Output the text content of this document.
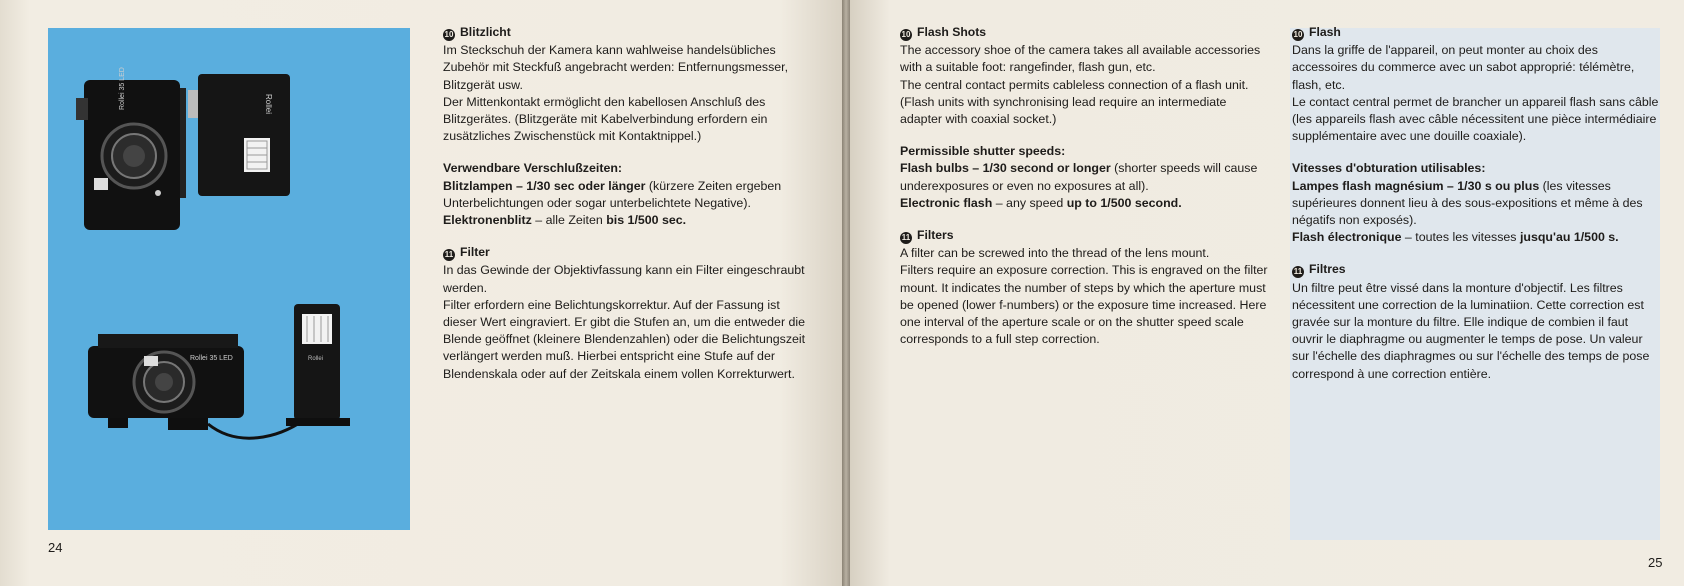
Rollei 35 LED	Rollei
Rollei 35 LED	Rollei

10 Blitzlicht

Im Steckschuh der Kamera kann wahlweise handelsübliches Zubehör mit Steckfuß angebracht werden: Entfernungsmesser, Blitzgerät usw.

Der Mittenkontakt ermöglicht den kabellosen Anschluß des Blitzgerätes. (Blitzgeräte mit Kabelverbindung erfordern ein zusätzliches Zwischenstück mit Kontaktnippel.)

Verwendbare Verschlußzeiten:

Blitzlampen – 1/30 sec oder länger (kürzere Zeiten ergeben Unterbelichtungen oder sogar unterbelichtete Negative).

Elektronenblitz – alle Zeiten bis 1/500 sec.

11 Filter

In das Gewinde der Objektivfassung kann ein Filter eingeschraubt werden.

Filter erfordern eine Belichtungskorrektur. Auf der Fassung ist dieser Wert eingraviert. Er gibt die Stufen an, um die entweder die Blende geöffnet (kleinere Blendenzahlen) oder die Belichtungszeit verlängert werden muß. Hierbei entspricht eine Stufe auf der Blendenskala oder auf der Zeitskala einem vollen Korrekturwert.

24

10 Flash Shots

The accessory shoe of the camera takes all available accessories with a suitable foot: rangefinder, flash gun, etc.

The central contact permits cableless connection of a flash unit. (Flash units with synchronising lead require an intermediate adapter with coaxial socket.)

Permissible shutter speeds:

Flash bulbs – 1/30 second or longer (shorter speeds will cause underexposures or even no exposures at all).

Electronic flash – any speed up to 1/500 second.

11 Filters

A filter can be screwed into the thread of the lens mount.

Filters require an exposure correction. This is engraved on the filter mount. It indicates the number of steps by which the aperture must be opened (lower f-numbers) or the exposure time increased. Here one interval of the aperture scale or on the shutter speed scale corresponds to a full step correction.

10 Flash

Dans la griffe de l'appareil, on peut monter au choix des accessoires du commerce avec un sabot approprié: télémètre, flash, etc.

Le contact central permet de brancher un appareil flash sans câble (les appareils flash avec câble nécessitent une pièce intermédiaire supplémentaire avec une douille coaxiale).

Vitesses d'obturation utilisables:

Lampes flash magnésium – 1/30 s ou plus (les vitesses supérieures donnent lieu à des sous-expositions et même à des négatifs non exposés).

Flash électronique – toutes les vitesses jusqu'au 1/500 s.

11 Filtres

Un filtre peut être vissé dans la monture d'objectif. Les filtres nécessitent une correction de la luminatiion. Cette correction est gravée sur la monture du filtre. Elle indique de combien il faut ouvrir le diaphragme ou augmenter le temps de pose. Un valeur sur l'échelle des diaphragmes ou sur l'échelle des temps de pose correspond à une correction entière.

25
